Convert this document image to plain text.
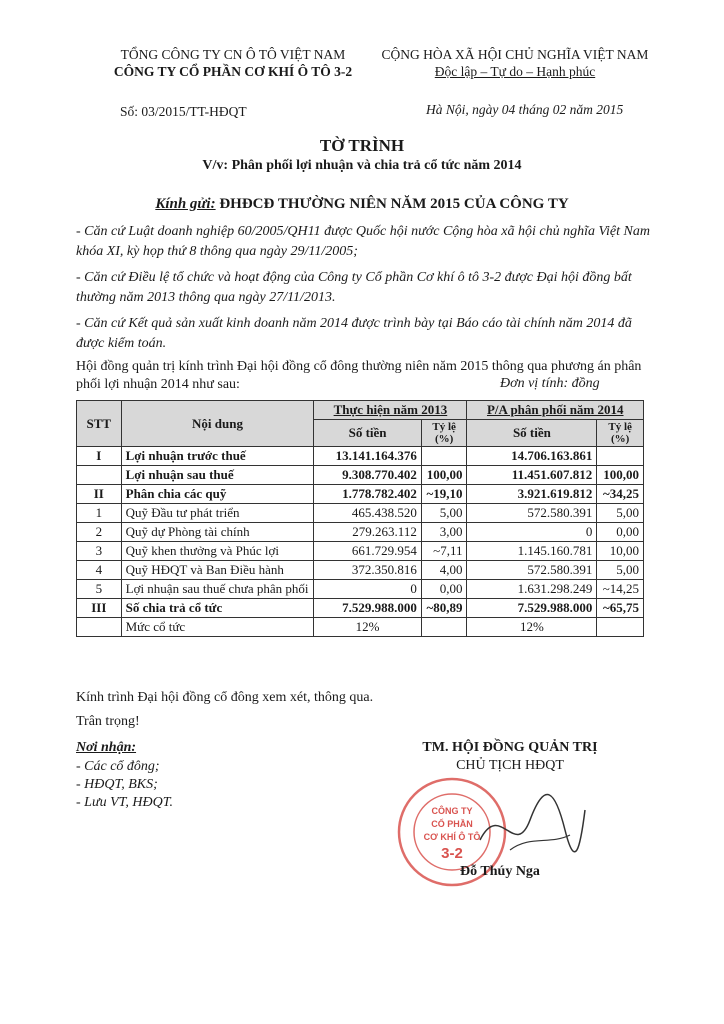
TỔNG CÔNG TY CN Ô TÔ VIỆT NAM
CÔNG TY CỔ PHẦN CƠ KHÍ Ô TÔ 3-2
CỘNG HÒA XÃ HỘI CHỦ NGHĨA VIỆT NAM
Độc lập – Tự do – Hạnh phúc
Số: 03/2015/TT-HĐQT	Hà Nội, ngày 04 tháng 02 năm 2015
TỜ TRÌNH
V/v: Phân phối lợi nhuận và chia trả cổ tức năm 2014
Kính gửi: ĐHĐCĐ THƯỜNG NIÊN NĂM 2015 CỦA CÔNG TY
- Căn cứ Luật doanh nghiệp 60/2005/QH11 được Quốc hội nước Cộng hòa xã hội chủ nghĩa Việt Nam khóa XI, kỳ họp thứ 8 thông qua ngày 29/11/2005;
- Căn cứ Điều lệ tổ chức và hoạt động của Công ty Cổ phần Cơ khí ô tô 3-2 được Đại hội đồng bất thường năm 2013 thông qua ngày 27/11/2013.
- Căn cứ Kết quả sản xuất kinh doanh năm 2014 được trình bày tại Báo cáo tài chính năm 2014 đã được kiểm toán.
Hội đồng quản trị kính trình Đại hội đồng cổ đông thường niên năm 2015 thông qua phương án phân phối lợi nhuận 2014 như sau:	Đơn vị tính: đồng
STT	Nội dung	Thực hiện năm 2013		P/A phân phối năm 2014	
		Số tiền	Tỷ lệ (%)	Số tiền	Tỷ lệ (%)
I	Lợi nhuận trước thuế	13.141.164.376		14.706.163.861	
	Lợi nhuận sau thuế	9.308.770.402	100,00	11.451.607.812	100,00
II	Phân chia các quỹ	1.778.782.402	~19,10	3.921.619.812	~34,25
1	Quỹ Đầu tư phát triển	465.438.520	5,00	572.580.391	5,00
2	Quỹ dự Phòng tài chính	279.263.112	3,00	0	0,00
3	Quỹ khen thưởng và Phúc lợi	661.729.954	~7,11	1.145.160.781	10,00
4	Quỹ HĐQT và Ban Điều hành	372.350.816	4,00	572.580.391	5,00
5	Lợi nhuận sau thuế chưa phân phối	0	0,00	1.631.298.249	~14,25
III	Số chia trả cổ tức	7.529.988.000	~80,89	7.529.988.000	~65,75
	Mức cổ tức	12%		12%	
Kính trình Đại hội đồng cổ đông xem xét, thông qua.
Trân trọng!
Nơi nhận:
- Các cổ đông;
- HĐQT, BKS;
- Lưu VT, HĐQT.
TM. HỘI ĐỒNG QUẢN TRỊ
CHỦ TỊCH HĐQT
CÔNG TY
CỔ PHẦN
CƠ KHÍ Ô TÔ
3-2
Đỗ Thúy Nga
